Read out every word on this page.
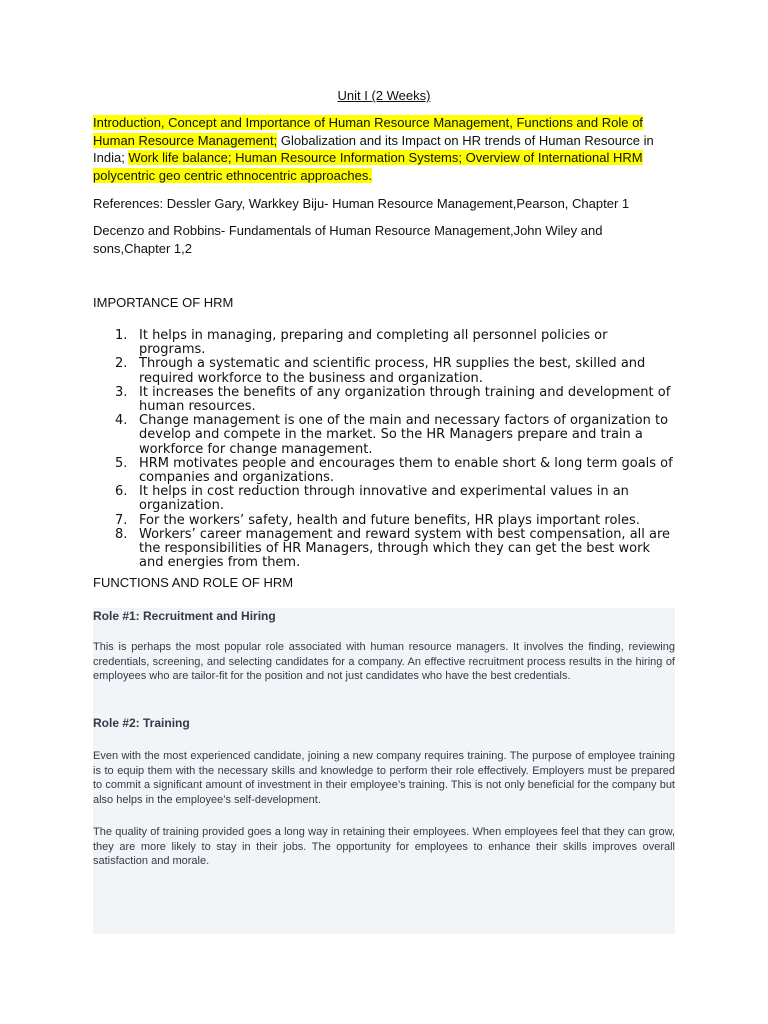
Unit I (2 Weeks)

Introduction, Concept and Importance of Human Resource Management, Functions and Role of Human Resource Management; Globalization and its Impact on HR trends of Human Resource in India; Work life balance; Human Resource Information Systems; Overview of International HRM polycentric geo centric ethnocentric approaches.

References: Dessler Gary, Warkkey Biju- Human Resource Management,Pearson, Chapter 1

Decenzo and Robbins- Fundamentals of Human Resource Management,John Wiley and sons,Chapter 1,2

IMPORTANCE OF HRM
1. It helps in managing, preparing and completing all personnel policies or programs.
2. Through a systematic and scientific process, HR supplies the best, skilled and required workforce to the business and organization.
3. It increases the benefits of any organization through training and development of human resources.
4. Change management is one of the main and necessary factors of organization to develop and compete in the market. So the HR Managers prepare and train a workforce for change management.
5. HRM motivates people and encourages them to enable short & long term goals of companies and organizations.
6. It helps in cost reduction through innovative and experimental values in an organization.
7. For the workers’ safety, health and future benefits, HR plays important roles.
8. Workers’ career management and reward system with best compensation, all are the responsibilities of HR Managers, through which they can get the best work and energies from them.
FUNCTIONS AND ROLE OF HRM
Role #1: Recruitment and Hiring

This is perhaps the most popular role associated with human resource managers. It involves the finding, reviewing credentials, screening, and selecting candidates for a company. An effective recruitment process results in the hiring of employees who are tailor-fit for the position and not just candidates who have the best credentials.

Role #2: Training

Even with the most experienced candidate, joining a new company requires training. The purpose of employee training is to equip them with the necessary skills and knowledge to perform their role effectively. Employers must be prepared to commit a significant amount of investment in their employee’s training. This is not only beneficial for the company but also helps in the employee’s self-development.

The quality of training provided goes a long way in retaining their employees. When employees feel that they can grow, they are more likely to stay in their jobs. The opportunity for employees to enhance their skills improves overall satisfaction and morale.
